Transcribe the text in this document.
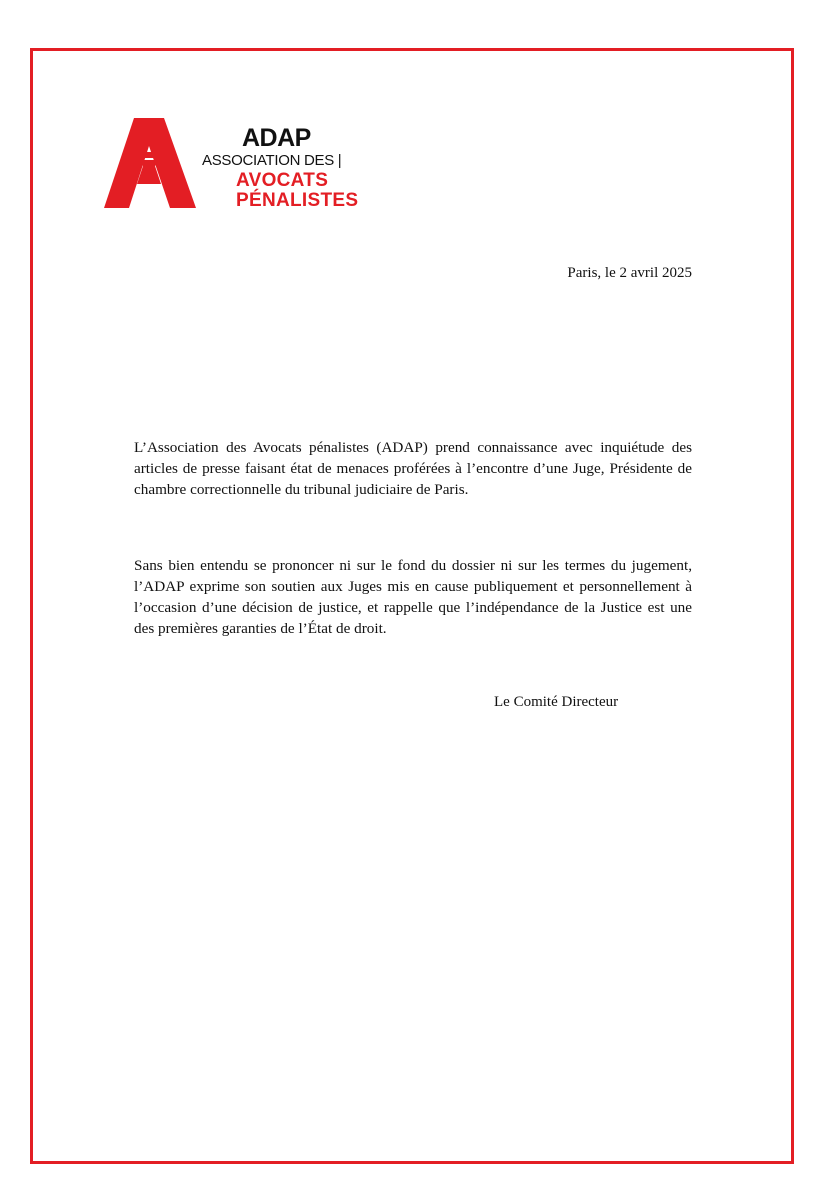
ADAP
ASSOCIATION DES |
AVOCATS
PÉNALISTES
Paris, le 2 avril 2025

L’Association des Avocats pénalistes (ADAP) prend connaissance avec inquiétude des articles de presse faisant état de menaces proférées à l’encontre d’une Juge, Présidente de chambre correctionnelle du tribunal judiciaire de Paris.

Sans bien entendu se prononcer ni sur le fond du dossier ni sur les termes du jugement, l’ADAP exprime son soutien aux Juges mis en cause publiquement et personnellement à l’occasion d’une décision de justice, et rappelle que l’indépendance de la Justice est une des premières garanties de l’État de droit.

Le Comité Directeur
